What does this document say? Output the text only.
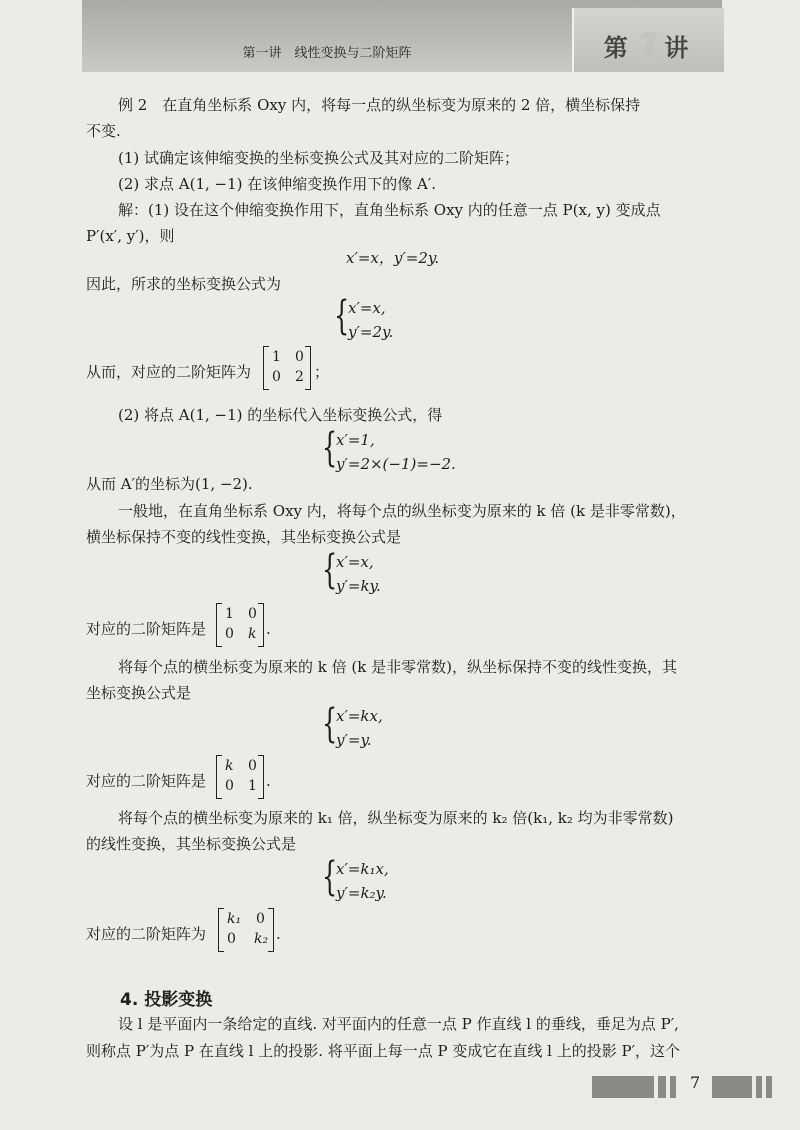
第一讲　线性变换与二阶矩阵	第1讲
例 2　在直角坐标系 Oxy 内，将每一点的纵坐标变为原来的 2 倍，横坐标保持
不变.
(1) 试确定该伸缩变换的坐标变换公式及其对应的二阶矩阵；
(2) 求点 A(1, −1) 在该伸缩变换作用下的像 A′.
解：(1) 设在这个伸缩变换作用下，直角坐标系 Oxy 内的任意一点 P(x, y) 变成点
P′(x′, y′)，则
x′=x，y′=2y.
因此，所求的坐标变换公式为
{
x′=x,
y′=2y.
从而，对应的二阶矩阵为
1 0
0 2 ；
(2) 将点 A(1, −1) 的坐标代入坐标变换公式，得
{
x′=1,
y′=2×(−1)=−2.
从而 A′的坐标为(1, −2).
一般地，在直角坐标系 Oxy 内，将每个点的纵坐标变为原来的 k 倍 (k 是非零常数)，
横坐标保持不变的线性变换，其坐标变换公式是
{
x′=x,
y′=ky.
对应的二阶矩阵是
1 0
0 k .
将每个点的横坐标变为原来的 k 倍 (k 是非零常数)，纵坐标保持不变的线性变换，其
坐标变换公式是
{
x′=kx,
y′=y.
对应的二阶矩阵是
k 0
0 1 .
将每个点的横坐标变为原来的 k₁ 倍，纵坐标变为原来的 k₂ 倍(k₁, k₂ 均为非零常数)
的线性变换，其坐标变换公式是
{
x′=k₁x,
y′=k₂y.
对应的二阶矩阵为
k₁ 0
0 k₂ .
4. 投影变换
设 l 是平面内一条给定的直线. 对平面内的任意一点 P 作直线 l 的垂线，垂足为点 P′,
则称点 P′为点 P 在直线 l 上的投影. 将平面上每一点 P 变成它在直线 l 上的投影 P′，这个
7
